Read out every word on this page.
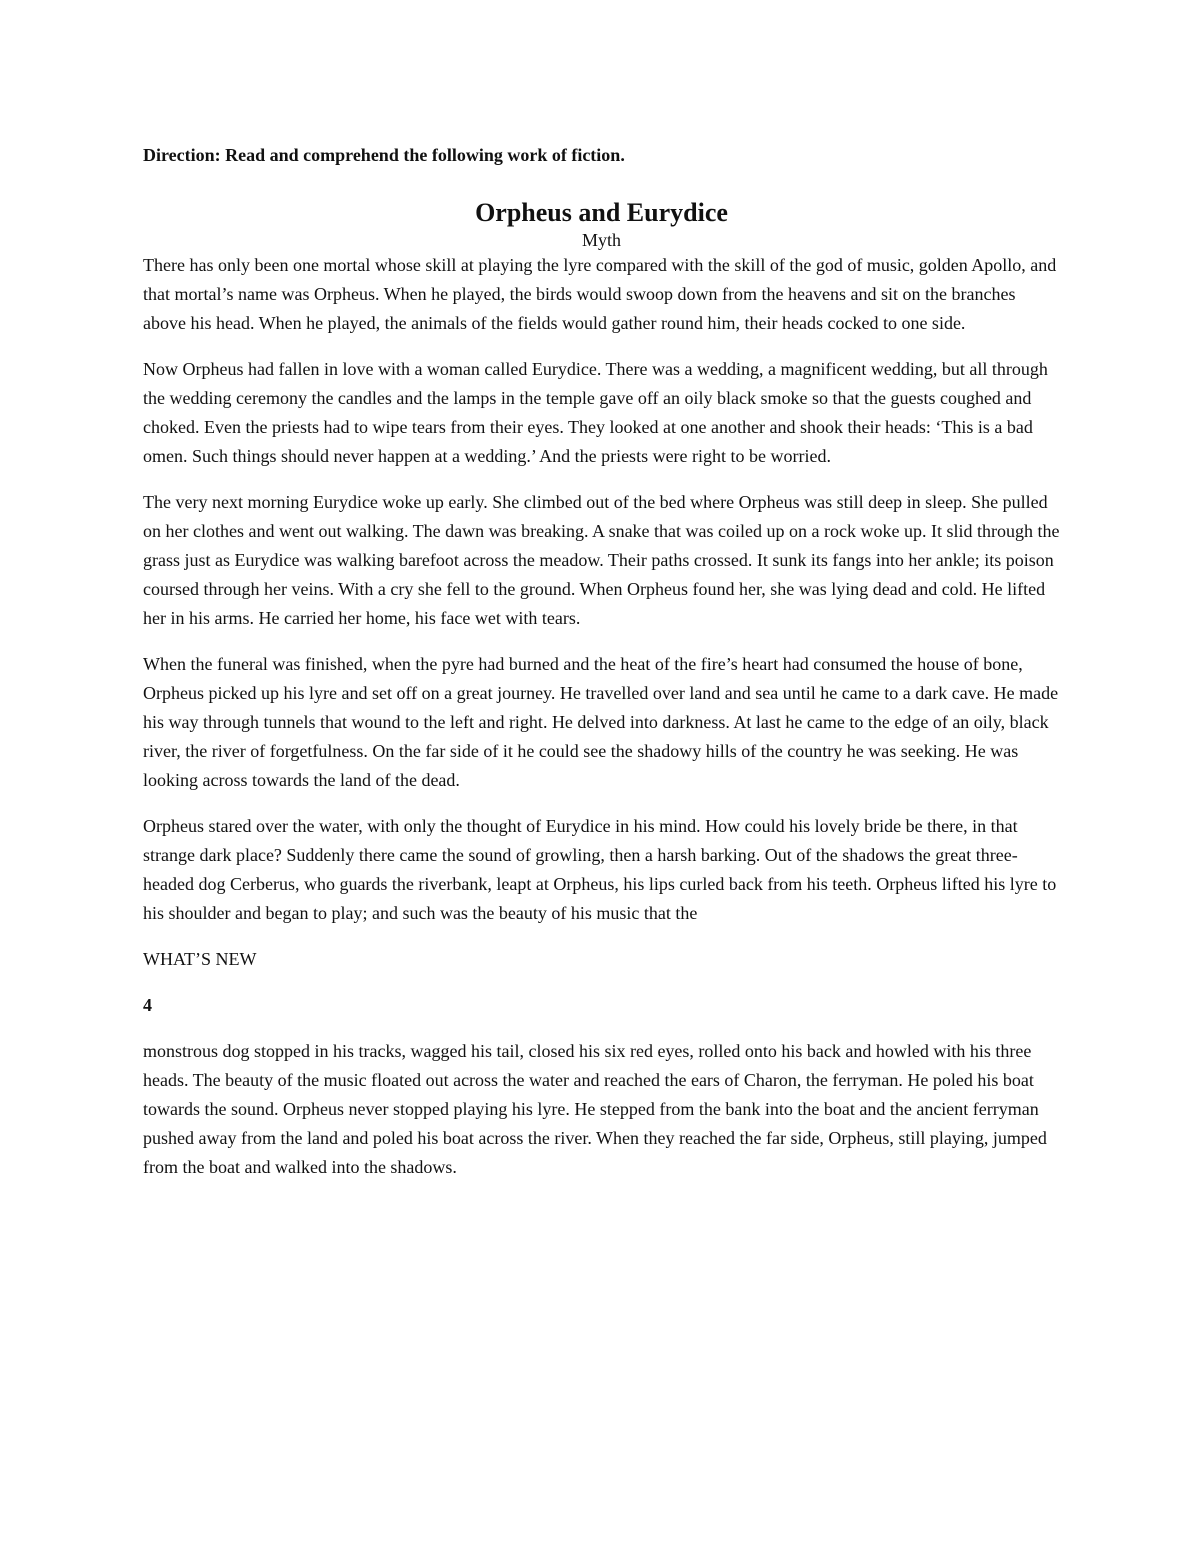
Direction: Read and comprehend the following work of fiction.

Orpheus and Eurydice

Myth

There has only been one mortal whose skill at playing the lyre compared with the skill of the god of music, golden Apollo, and that mortal’s name was Orpheus. When he played, the birds would swoop down from the heavens and sit on the branches above his head. When he played, the animals of the fields would gather round him, their heads cocked to one side.

Now Orpheus had fallen in love with a woman called Eurydice. There was a wedding, a magnificent wedding, but all through the wedding ceremony the candles and the lamps in the temple gave off an oily black smoke so that the guests coughed and choked. Even the priests had to wipe tears from their eyes. They looked at one another and shook their heads: ‘This is a bad omen. Such things should never happen at a wedding.’ And the priests were right to be worried.

The very next morning Eurydice woke up early. She climbed out of the bed where Orpheus was still deep in sleep. She pulled on her clothes and went out walking. The dawn was breaking. A snake that was coiled up on a rock woke up. It slid through the grass just as Eurydice was walking barefoot across the meadow. Their paths crossed. It sunk its fangs into her ankle; its poison coursed through her veins. With a cry she fell to the ground. When Orpheus found her, she was lying dead and cold. He lifted her in his arms. He carried her home, his face wet with tears.

When the funeral was finished, when the pyre had burned and the heat of the fire’s heart had consumed the house of bone, Orpheus picked up his lyre and set off on a great journey. He travelled over land and sea until he came to a dark cave. He made his way through tunnels that wound to the left and right. He delved into darkness. At last he came to the edge of an oily, black river, the river of forgetfulness. On the far side of it he could see the shadowy hills of the country he was seeking. He was looking across towards the land of the dead.

Orpheus stared over the water, with only the thought of Eurydice in his mind. How could his lovely bride be there, in that strange dark place? Suddenly there came the sound of growling, then a harsh barking. Out of the shadows the great three-headed dog Cerberus, who guards the riverbank, leapt at Orpheus, his lips curled back from his teeth. Orpheus lifted his lyre to his shoulder and began to play; and such was the beauty of his music that the

WHAT’S NEW

4

monstrous dog stopped in his tracks, wagged his tail, closed his six red eyes, rolled onto his back and howled with his three heads. The beauty of the music floated out across the water and reached the ears of Charon, the ferryman. He poled his boat towards the sound. Orpheus never stopped playing his lyre. He stepped from the bank into the boat and the ancient ferryman pushed away from the land and poled his boat across the river. When they reached the far side, Orpheus, still playing, jumped from the boat and walked into the shadows.
